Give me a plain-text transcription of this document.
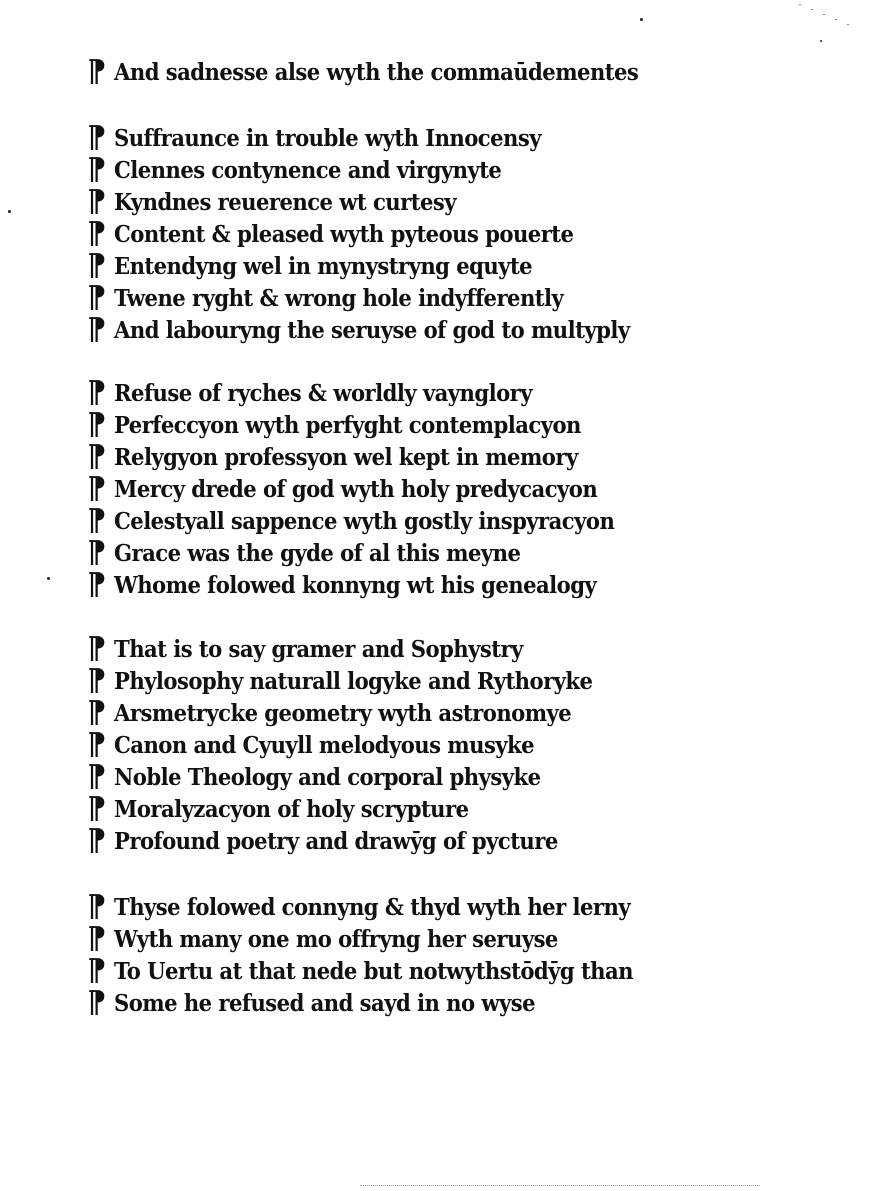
¶ And sadnesse alse wyth the commaūdementes
¶ Suffraunce in trouble wyth Innocensy
¶ Clennes contynence and virgynyte
¶ Kyndnes reuerence wt curtesy
¶ Content & pleased wyth pyteous pouerte
¶ Entendyng wel in mynystryng equyte
¶ Twene ryght & wrong hole indyfferently
¶ And labouryng the seruyse of god to multyply
¶ Refuse of ryches & worldly vaynglory
¶ Perfeccyon wyth perfyght contemplacyon
¶ Relygyon professyon wel kept in memory
¶ Mercy drede of god wyth holy predycacyon
¶ Celestyall sappence wyth gostly inspyracyon
¶ Grace was the gyde of al this meyne
¶ Whome folowed konnyng wt his genealogy
¶ That is to say gramer and Sophystry
¶ Phylosophy naturall logyke and Rythoryke
¶ Arsmetrycke geometry wyth astronomye
¶ Canon and Cyuyll melodyous musyke
¶ Noble Theology and corporal physyke
¶ Moralyzacyon of holy scrypture
¶ Profound poetry and drawȳg of pycture
¶ Thyse folowed connyng & thyd wyth her lerny
¶ Wyth many one mo offryng her seruyse
¶ To Uertu at that nede but notwythstōdȳg than
¶ Some he refused and sayd in no wyse
